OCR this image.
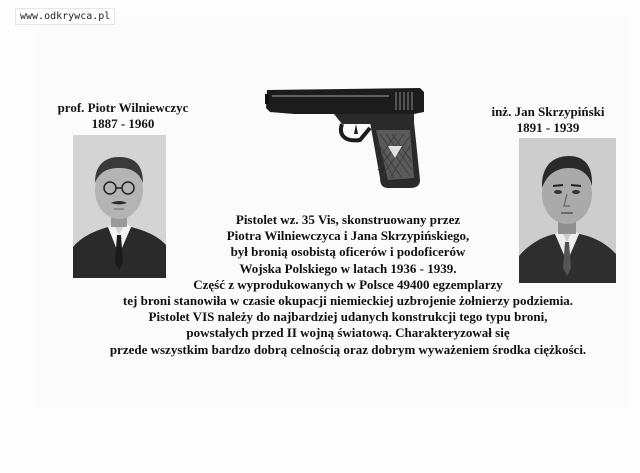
www.odkrywca.pl
prof. Piotr Wilniewczyc
1887 - 1960
inż. Jan Skrzypiński
1891 - 1939
Pistolet wz. 35 Vis, skonstruowany przez
Piotra Wilniewczyca i Jana Skrzypińskiego,
był bronią osobistą oficerów i podoficerów
Wojska Polskiego w latach 1936 - 1939.
Część z wyprodukowanych w Polsce 49400 egzemplarzy
tej broni stanowiła w czasie okupacji niemieckiej uzbrojenie żołnierzy podziemia.
Pistolet VIS należy do najbardziej udanych konstrukcji tego typu broni,
powstałych przed II wojną światową. Charakteryzował się
przede wszystkim bardzo dobrą celnością oraz dobrym wyważeniem środka ciężkości.
